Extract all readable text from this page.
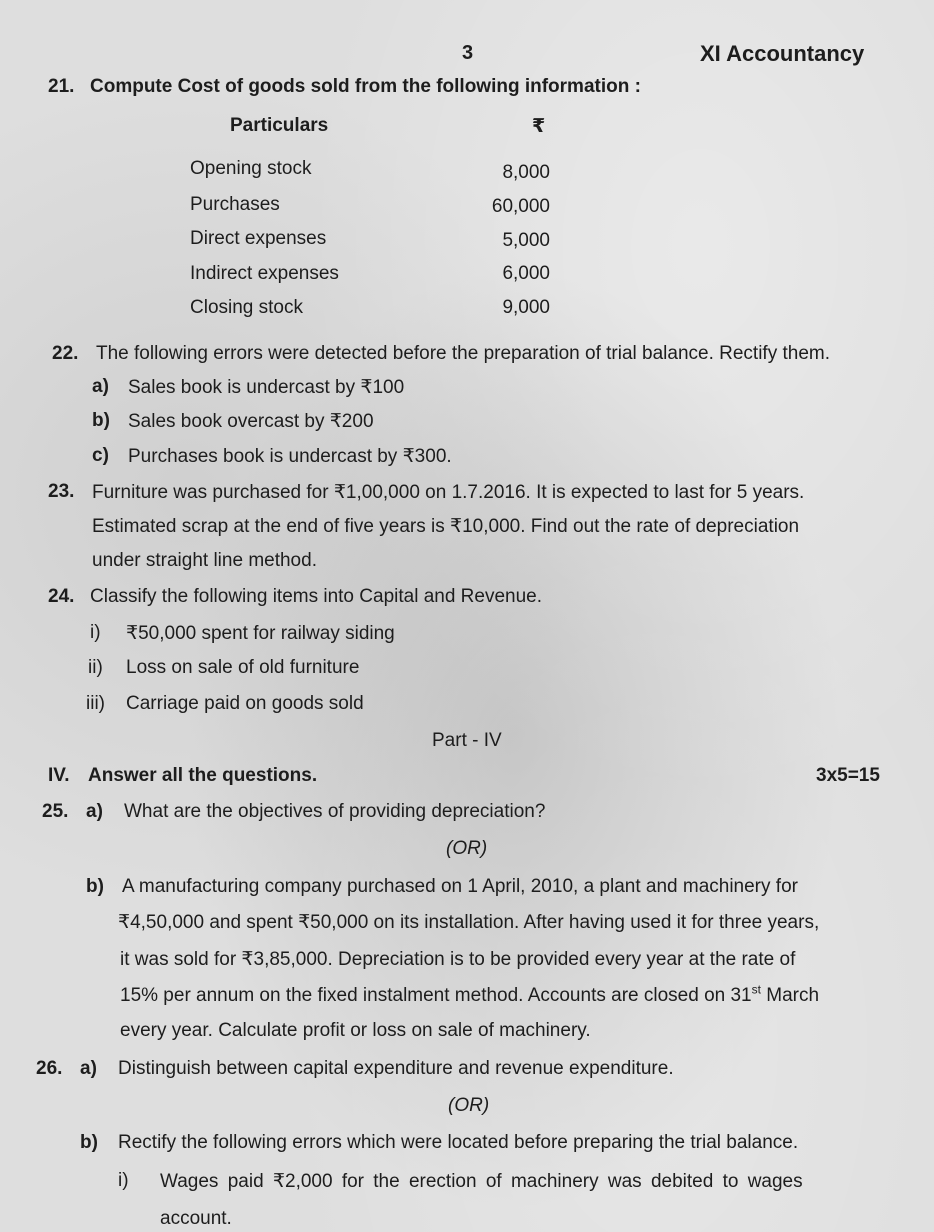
3	XI Accountancy
21. Compute Cost of goods sold from the following information :
Particulars	₹
Opening stock	8,000
Purchases	60,000
Direct expenses	5,000
Indirect expenses	6,000
Closing stock	9,000
22. The following errors were detected before the preparation of trial balance. Rectify them.
a) Sales book is undercast by ₹100
b) Sales book overcast by ₹200
c) Purchases book is undercast by ₹300.
23. Furniture was purchased for ₹1,00,000 on 1.7.2016. It is expected to last for 5 years.
Estimated scrap at the end of five years is ₹10,000. Find out the rate of depreciation
under straight line method.
24. Classify the following items into Capital and Revenue.
i) ₹50,000 spent for railway siding
ii) Loss on sale of old furniture
iii) Carriage paid on goods sold
Part - IV
IV. Answer all the questions.	3x5=15
25. a) What are the objectives of providing depreciation?
(OR)
b) A manufacturing company purchased on 1 April, 2010, a plant and machinery for
₹4,50,000 and spent ₹50,000 on its installation. After having used it for three years,
it was sold for ₹3,85,000. Depreciation is to be provided every year at the rate of
15% per annum on the fixed instalment method. Accounts are closed on 31st March
every year. Calculate profit or loss on sale of machinery.
26. a) Distinguish between capital expenditure and revenue expenditure.
(OR)
b) Rectify the following errors which were located before preparing the trial balance.
i) Wages paid ₹2,000 for the erection of machinery was debited to wages
account.
